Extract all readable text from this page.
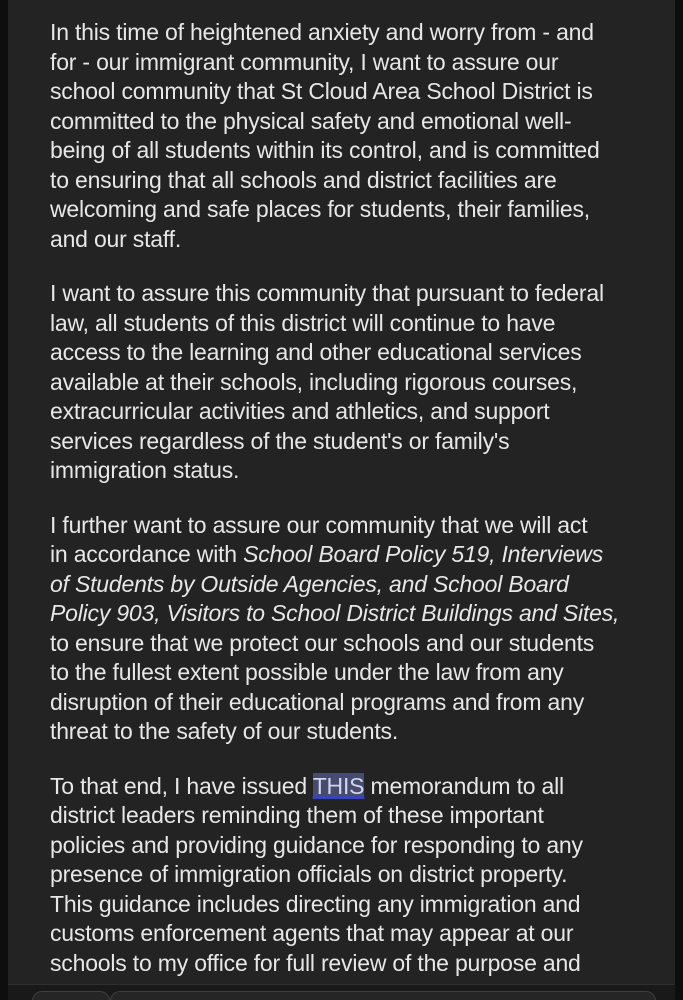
In this time of heightened anxiety and worry from - and
for - our immigrant community, I want to assure our
school community that St Cloud Area School District is
committed to the physical safety and emotional well-
being of all students within its control, and is committed
to ensuring that all schools and district facilities are
welcoming and safe places for students, their families,
and our staff.
I want to assure this community that pursuant to federal
law, all students of this district will continue to have
access to the learning and other educational services
available at their schools, including rigorous courses,
extracurricular activities and athletics, and support
services regardless of the student's or family's
immigration status.
I further want to assure our community that we will act
in accordance with School Board Policy 519, Interviews
of Students by Outside Agencies, and School Board
Policy 903, Visitors to School District Buildings and Sites,
to ensure that we protect our schools and our students
to the fullest extent possible under the law from any
disruption of their educational programs and from any
threat to the safety of our students.
To that end, I have issued THIS memorandum to all
district leaders reminding them of these important
policies and providing guidance for responding to any
presence of immigration officials on district property.
This guidance includes directing any immigration and
customs enforcement agents that may appear at our
schools to my office for full review of the purpose and
